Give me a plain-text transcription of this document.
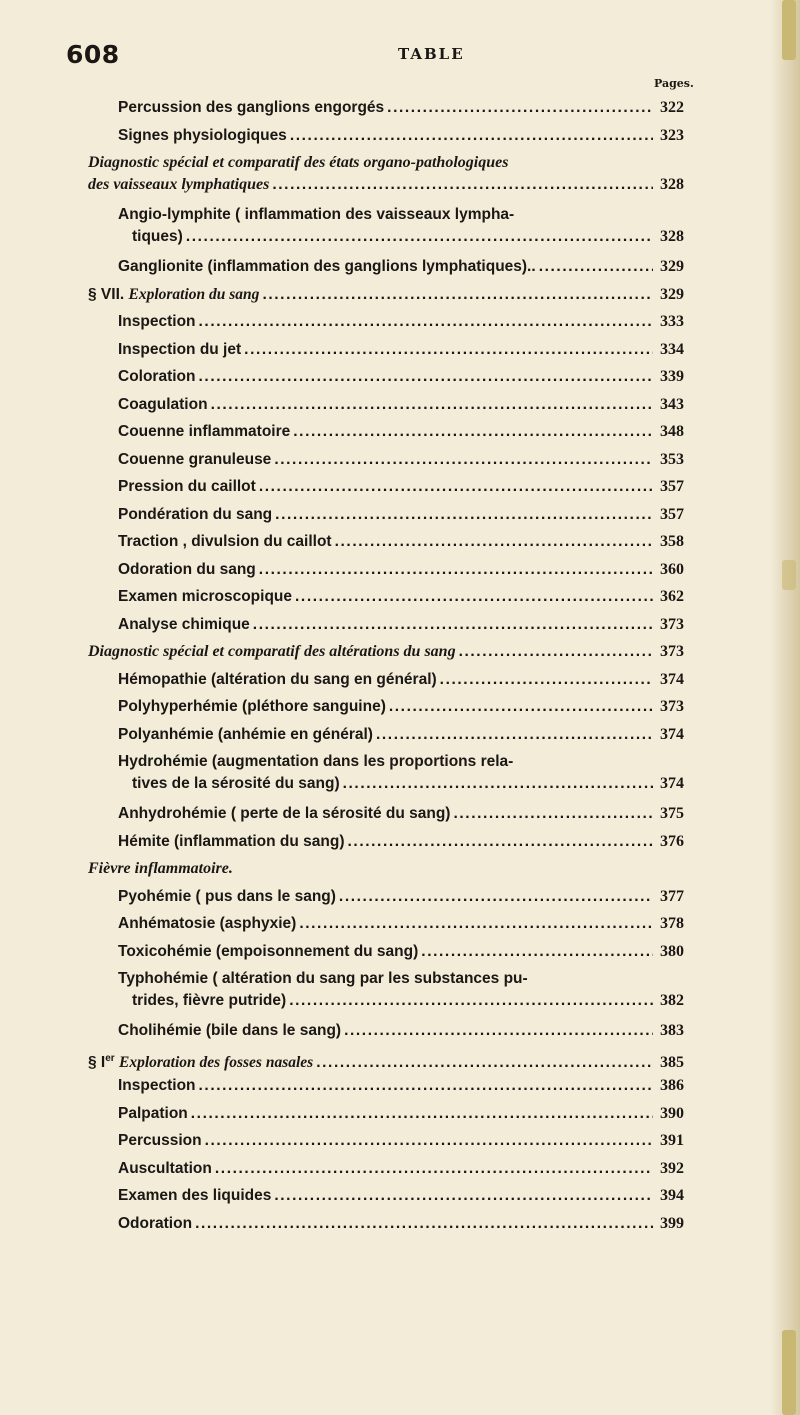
608	TABLE
Pages.
Percussion des ganglions engorgés .....	322
Signes physiologiques .....	323
Diagnostic spécial et comparatif des états organo-pathologiques
des vaisseaux lymphatiques .....	328
Angio-lymphite ( inflammation des vaisseaux lympha-
tiques) .....	328
Ganglionite (inflammation des ganglions lymphatiques).. .....	329
§ VII. Exploration du sang .....	329
Inspection .....	333
Inspection du jet .....	334
Coloration .....	339
Coagulation .....	343
Couenne inflammatoire .....	348
Couenne granuleuse .....	353
Pression du caillot .....	357
Pondération du sang .....	357
Traction , divulsion du caillot .....	358
Odoration du sang .....	360
Examen microscopique .....	362
Analyse chimique .....	373
Diagnostic spécial et comparatif des altérations du sang .....	373
Hémopathie (altération du sang en général) .....	374
Polyhyperhémie (pléthore sanguine) .....	373
Polyanhémie (anhémie en général) .....	374
Hydrohémie (augmentation dans les proportions rela-
tives de la sérosité du sang) .....	374
Anhydrohémie ( perte de la sérosité du sang) .....	375
Hémite (inflammation du sang) .....	376
Fièvre inflammatoire.
Pyohémie ( pus dans le sang) .....	377
Anhématosie (asphyxie) .....	378
Toxicohémie (empoisonnement du sang) .....	380
Typhohémie ( altération du sang par les substances pu-
trides, fièvre putride) .....	382
Cholihémie (bile dans le sang) .....	383
§ Ier Exploration des fosses nasales .....	385
Inspection .....	386
Palpation .....	390
Percussion .....	391
Auscultation .....	392
Examen des liquides .....	394
Odoration .....	399
